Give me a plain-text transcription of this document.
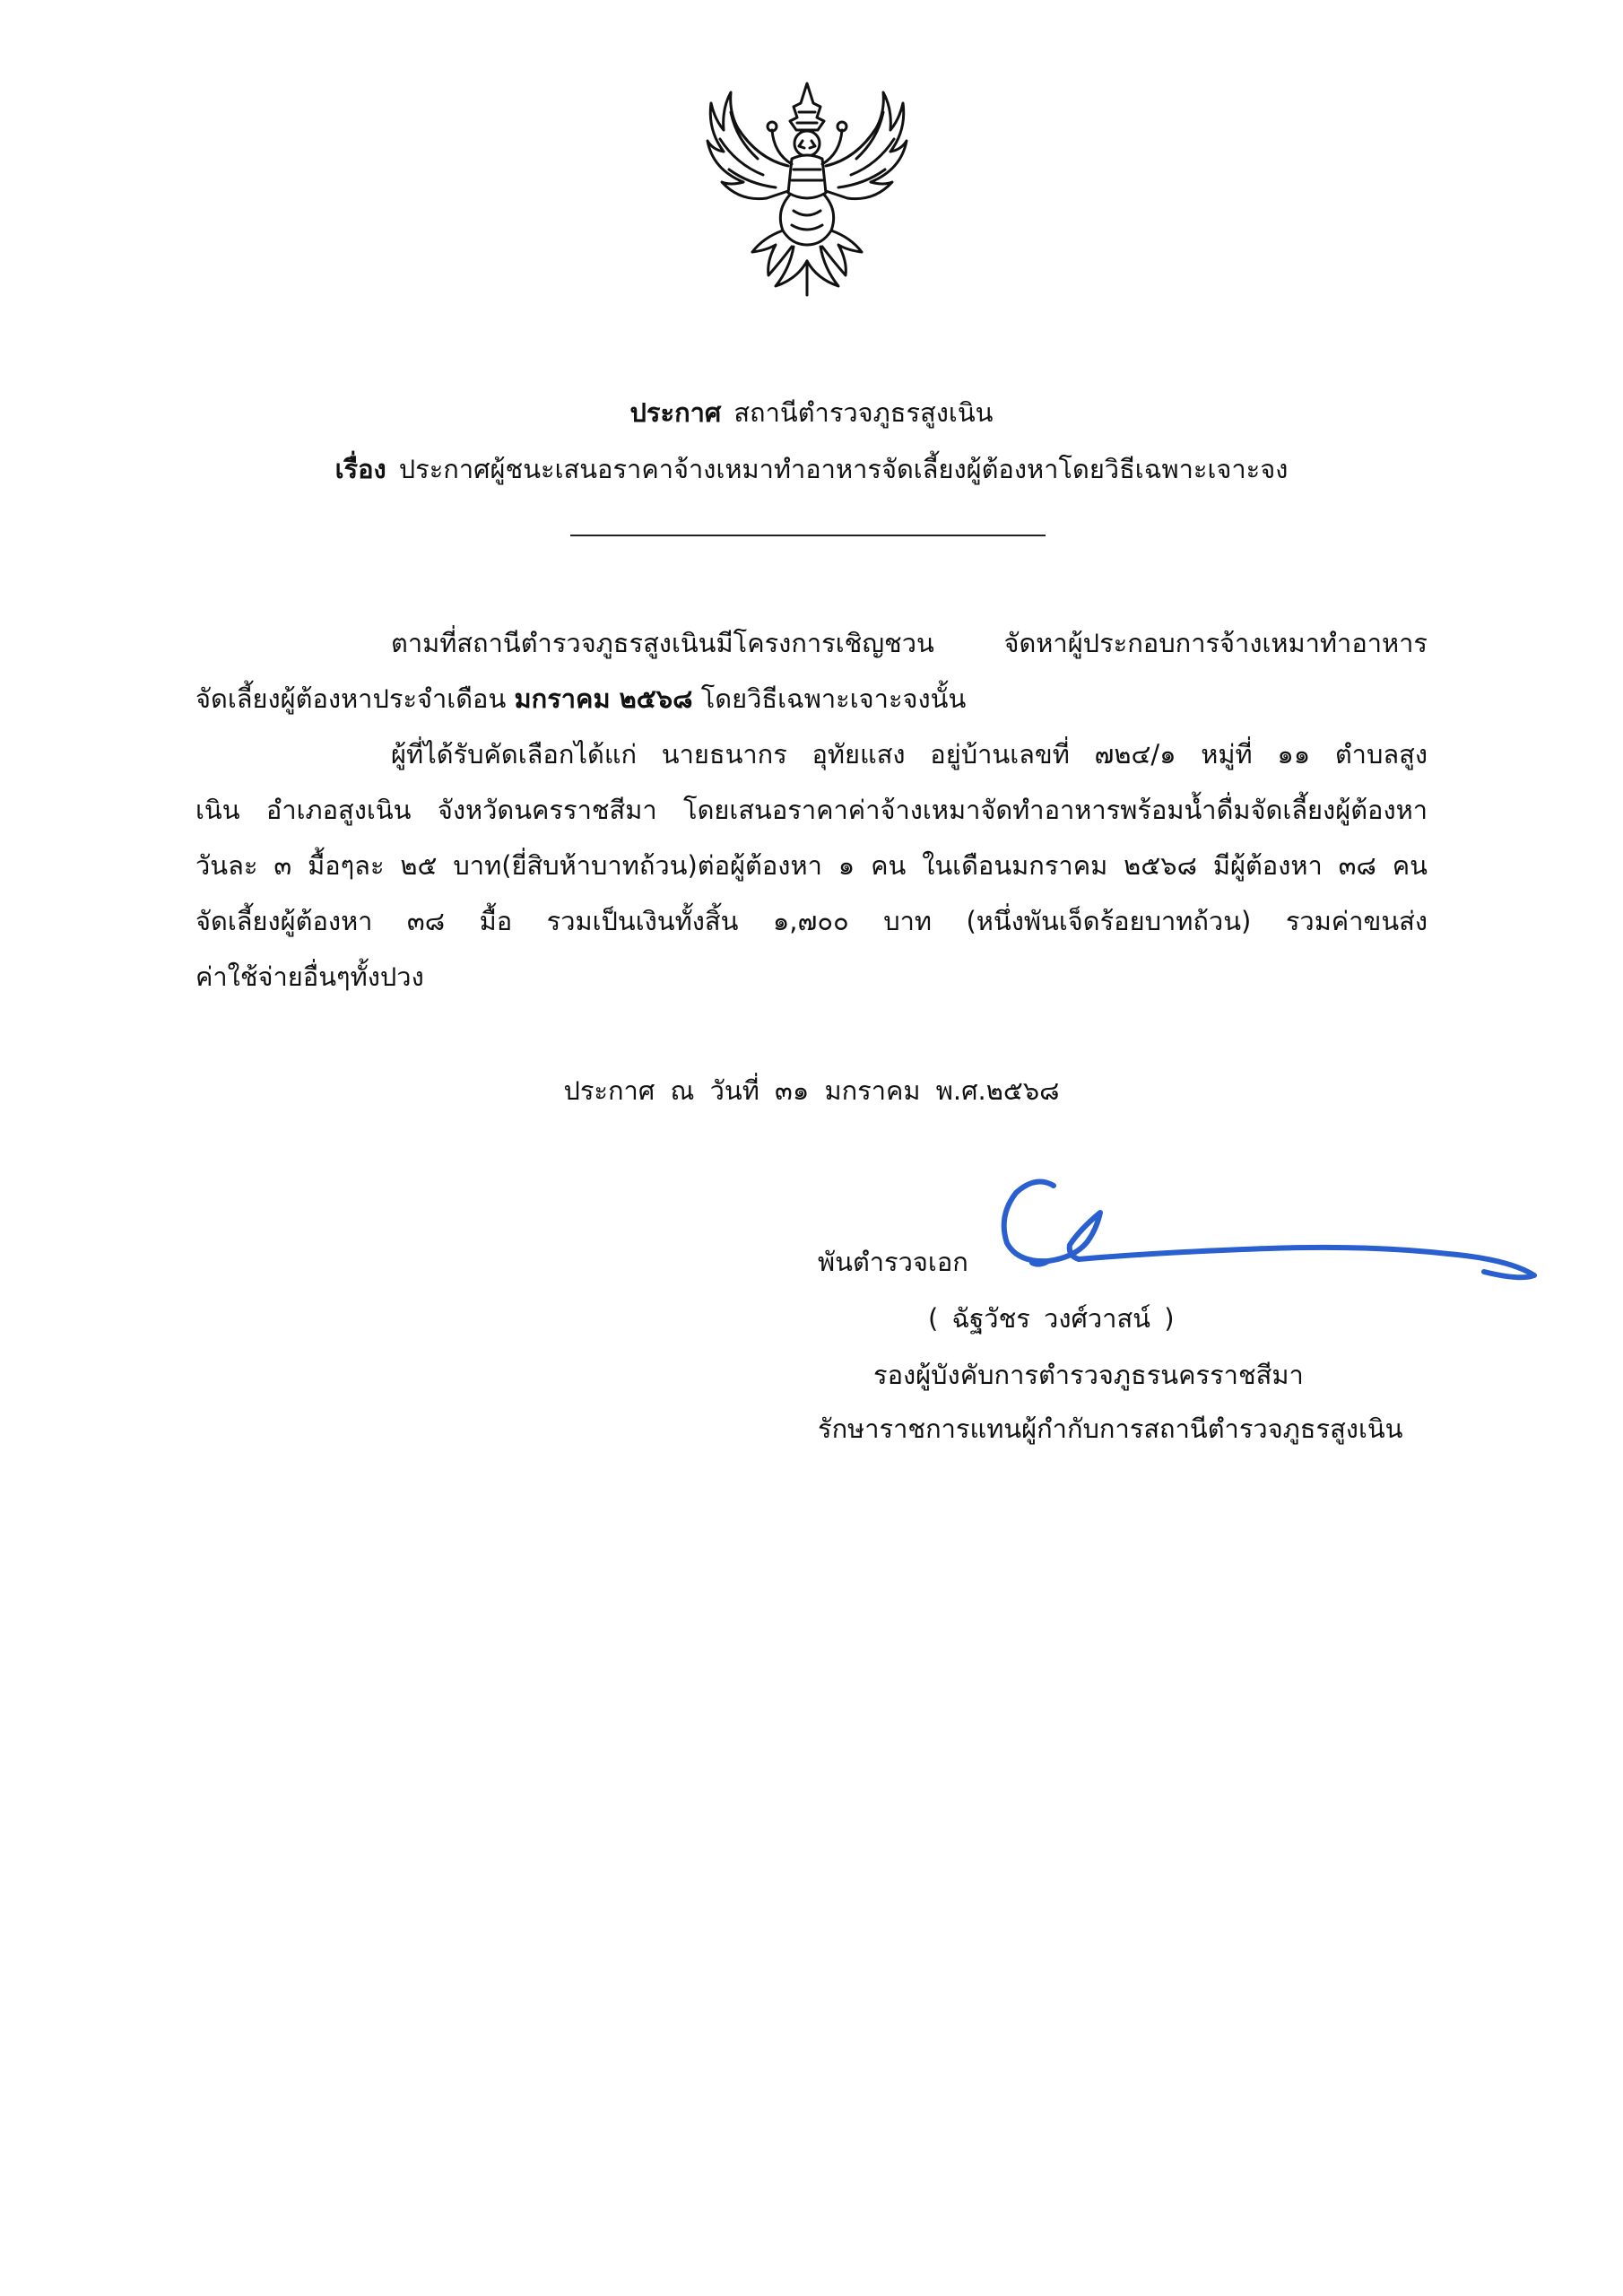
ประกาศ สถานีตำรวจภูธรสูงเนิน
เรื่อง ประกาศผู้ชนะเสนอราคาจ้างเหมาทำอาหารจัดเลี้ยงผู้ต้องหาโดยวิธีเฉพาะเจาะจง
ตามที่สถานีตำรวจภูธรสูงเนินมีโครงการเชิญชวน จัดหาผู้ประกอบการจ้างเหมาทำอาหาร
จัดเลี้ยงผู้ต้องหาประจำเดือน มกราคม ๒๕๖๘ โดยวิธีเฉพาะเจาะจงนั้น
ผู้ที่ได้รับคัดเลือกได้แก่ นายธนากร อุทัยแสง อยู่บ้านเลขที่ ๗๒๔/๑ หมู่ที่ ๑๑ ตำบลสูง
เนิน อำเภอสูงเนิน จังหวัดนครราชสีมา โดยเสนอราคาค่าจ้างเหมาจัดทำอาหารพร้อมน้ำดื่มจัดเลี้ยงผู้ต้องหา
วันละ ๓ มื้อๆละ ๒๕ บาท(ยี่สิบห้าบาทถ้วน)ต่อผู้ต้องหา ๑ คน ในเดือนมกราคม ๒๕๖๘ มีผู้ต้องหา ๓๘ คน
จัดเลี้ยงผู้ต้องหา ๓๘ มื้อ รวมเป็นเงินทั้งสิ้น ๑,๗๐๐ บาท (หนึ่งพันเจ็ดร้อยบาทถ้วน) รวมค่าขนส่ง
ค่าใช้จ่ายอื่นๆทั้งปวง
ประกาศ ณ วันที่ ๓๑ มกราคม พ.ศ.๒๕๖๘
พันตำรวจเอก
( ฉัฐวัชร วงศ์วาสน์ )
รองผู้บังคับการตำรวจภูธรนครราชสีมา
รักษาราชการแทนผู้กำกับการสถานีตำรวจภูธรสูงเนิน
